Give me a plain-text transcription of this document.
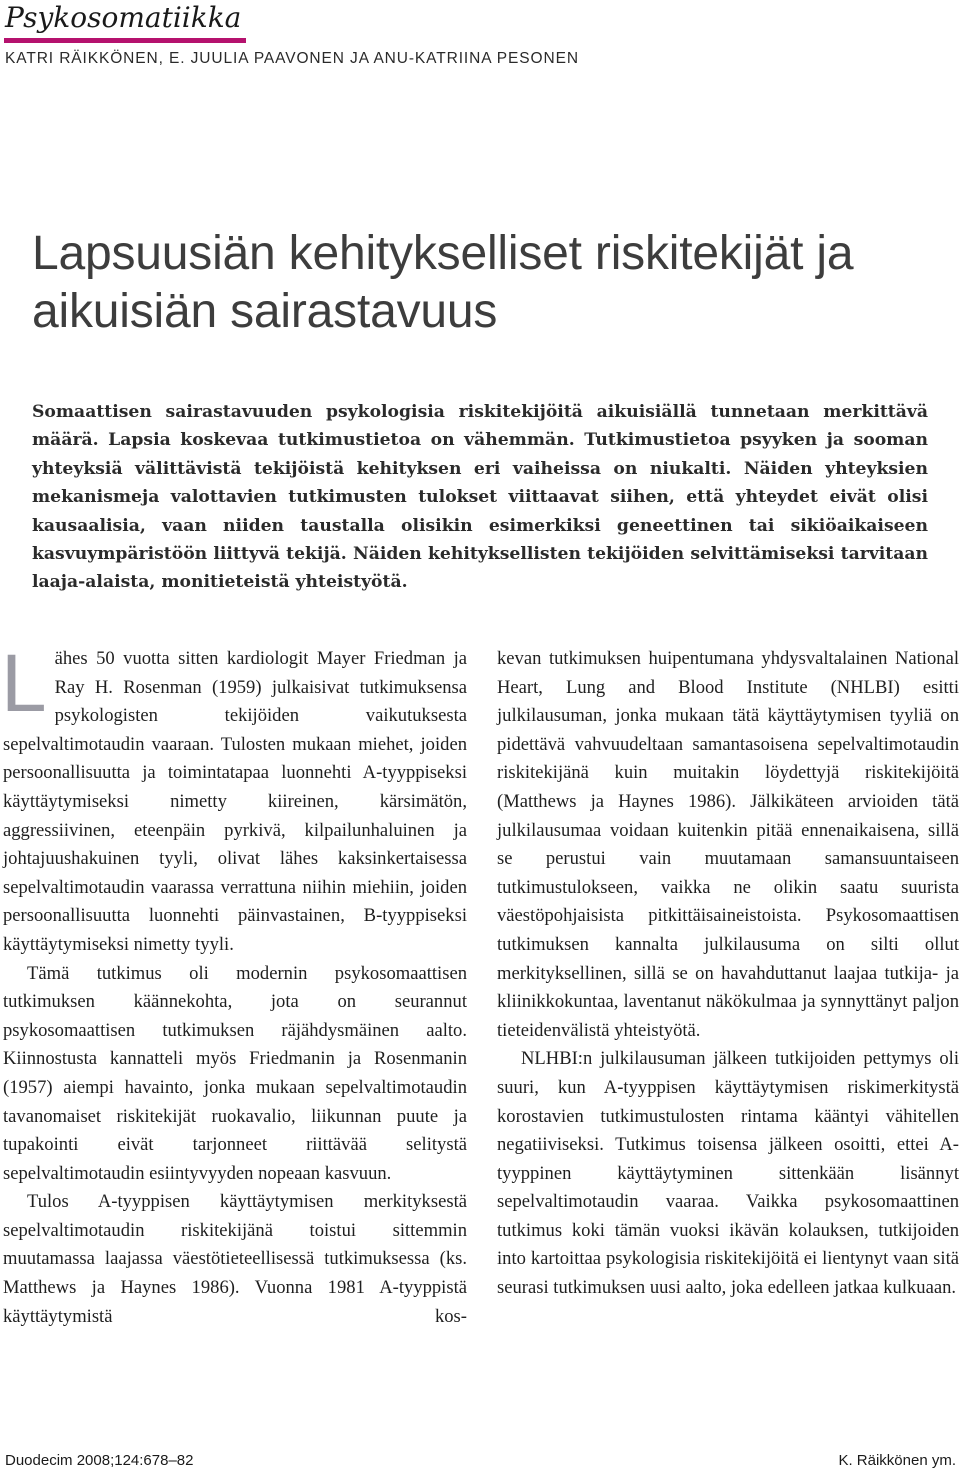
Psykosomatiikka
KATRI RÄIKKÖNEN, E. JUULIA PAAVONEN JA ANU-KATRIINA PESONEN
Lapsuusiän kehitykselliset riskitekijät ja aikuisiän sairastavuus
Somaattisen sairastavuuden psykologisia riskitekijöitä aikuisiällä tunnetaan merkittävä määrä. Lapsia koskevaa tutkimustietoa on vähemmän. Tutkimustietoa psyyken ja sooman yhteyksiä välittävistä tekijöistä kehityksen eri vaiheissa on niukalti. Näiden yhteyksien mekanismeja valottavien tutkimusten tulokset viittaavat siihen, että yhteydet eivät olisi kausaalisia, vaan niiden taustalla olisikin esimerkiksi geneettinen tai sikiöaikaiseen kasvuympäristöön liittyvä tekijä. Näiden kehityksellisten tekijöiden selvittämiseksi tarvitaan laaja-alaista, monitieteistä yhteistyötä.

Lähes 50 vuotta sitten kardiologit Mayer Friedman ja Ray H. Rosenman (1959) julkaisivat tutkimuksensa psykologisten tekijöiden vaikutuksesta sepelvaltimotaudin vaaraan. Tulosten mukaan miehet, joiden persoonallisuutta ja toimintatapaa luonnehti A-tyyppiseksi käyttäytymiseksi nimetty kiireinen, kärsimätön, aggressiivinen, eteenpäin pyrkivä, kilpailunhaluinen ja johtajuushakuinen tyyli, olivat lähes kaksinkertaisessa sepelvaltimotaudin vaarassa verrattuna niihin miehiin, joiden persoonallisuutta luonnehti päinvastainen, B-tyyppiseksi käyttäytymiseksi nimetty tyyli.

Tämä tutkimus oli modernin psykosomaattisen tutkimuksen käännekohta, jota on seurannut psykosomaattisen tutkimuksen räjähdysmäinen aalto. Kiinnostusta kannatteli myös Friedmanin ja Rosenmanin (1957) aiempi havainto, jonka mukaan sepelvaltimotaudin tavanomaiset riskitekijät ruokavalio, liikunnan puute ja tupakointi eivät tarjonneet riittävää selitystä sepelvaltimotaudin esiintyvyyden nopeaan kasvuun.

Tulos A-tyyppisen käyttäytymisen merkityksestä sepelvaltimotaudin riskitekijänä toistui sittemmin muutamassa laajassa väestötieteellisessä tutkimuksessa (ks. Matthews ja Haynes 1986). Vuonna 1981 A-tyyppistä käyttäytymistä kos-

kevan tutkimuksen huipentumana yhdysvaltalainen National Heart, Lung and Blood Institute (NHLBI) esitti julkilausuman, jonka mukaan tätä käyttäytymisen tyyliä on pidettävä vahvuudeltaan samantasoisena sepelvaltimotaudin riskitekijänä kuin muitakin löydettyjä riskitekijöitä (Matthews ja Haynes 1986). Jälkikäteen arvioiden tätä julkilausumaa voidaan kuitenkin pitää ennenaikaisena, sillä se perustui vain muutamaan samansuuntaiseen tutkimustulokseen, vaikka ne olikin saatu suurista väestöpohjaisista pitkittäisaineistoista. Psykosomaattisen tutkimuksen kannalta julkilausuma on silti ollut merkityksellinen, sillä se on havahduttanut laajaa tutkija- ja kliinikkokuntaa, laventanut näkökulmaa ja synnyttänyt paljon tieteidenvälistä yhteistyötä.

NLHBI:n julkilausuman jälkeen tutkijoiden pettymys oli suuri, kun A-tyyppisen käyttäytymisen riskimerkitystä korostavien tutkimustulosten rintama kääntyi vähitellen negatiiviseksi. Tutkimus toisensa jälkeen osoitti, ettei A-tyyppinen käyttäytyminen sittenkään lisännyt sepelvaltimotaudin vaaraa. Vaikka psykosomaattinen tutkimus koki tämän vuoksi ikävän kolauksen, tutkijoiden into kartoittaa psykologisia riskitekijöitä ei lientynyt vaan sitä seurasi tutkimuksen uusi aalto, joka edelleen jatkaa kulkuaan.

Duodecim 2008;124:678–82	K. Räikkönen ym.
